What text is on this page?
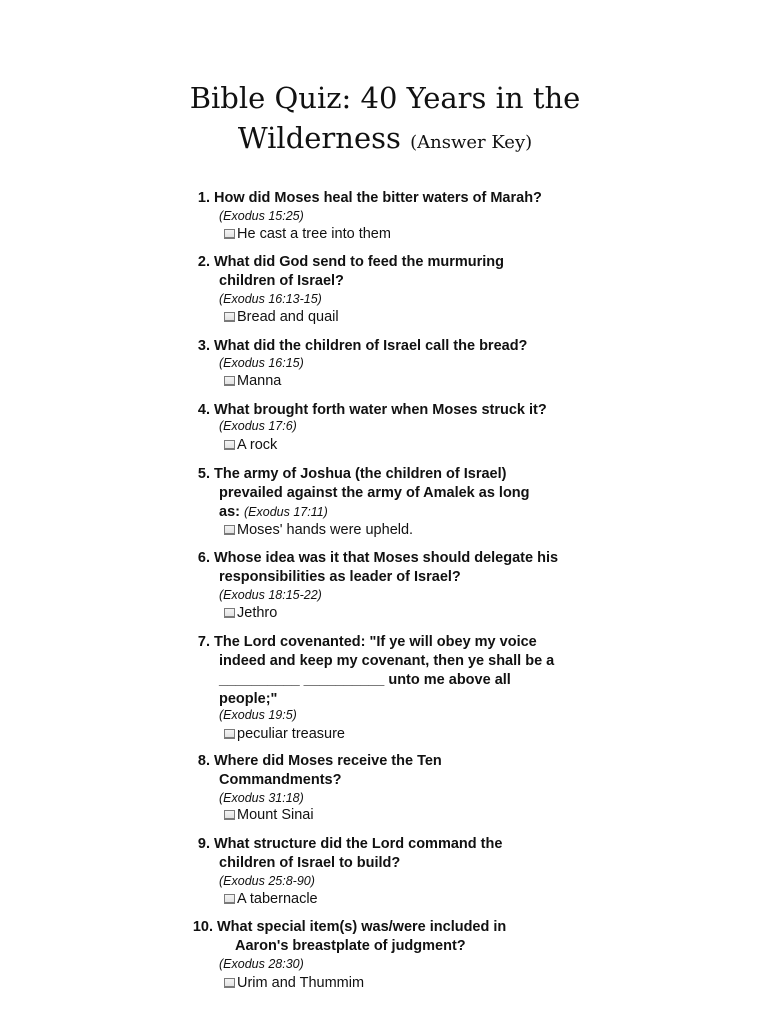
Bible Quiz: 40 Years in the
Wilderness (Answer Key)
1. How did Moses heal the bitter waters of Marah?
(Exodus 15:25)
He cast a tree into them
2. What did God send to feed the murmuring
children of Israel?
(Exodus 16:13-15)
Bread and quail
3. What did the children of Israel call the bread?
(Exodus 16:15)
Manna
4. What brought forth water when Moses struck it?
(Exodus 17:6)
A rock
5. The army of Joshua (the children of Israel)
prevailed against the army of Amalek as long
as: (Exodus 17:11)
Moses' hands were upheld.
6. Whose idea was it that Moses should delegate his
responsibilities as leader of Israel?
(Exodus 18:15-22)
Jethro
7. The Lord covenanted: "If ye will obey my voice
indeed and keep my covenant, then ye shall be a
__________ __________ unto me above all
people;"
(Exodus 19:5)
peculiar treasure
8. Where did Moses receive the Ten
Commandments?
(Exodus 31:18)
Mount Sinai
9. What structure did the Lord command the
children of Israel to build?
(Exodus 25:8-90)
A tabernacle
10. What special item(s) was/were included in
Aaron's breastplate of judgment?
(Exodus 28:30)
Urim and Thummim
